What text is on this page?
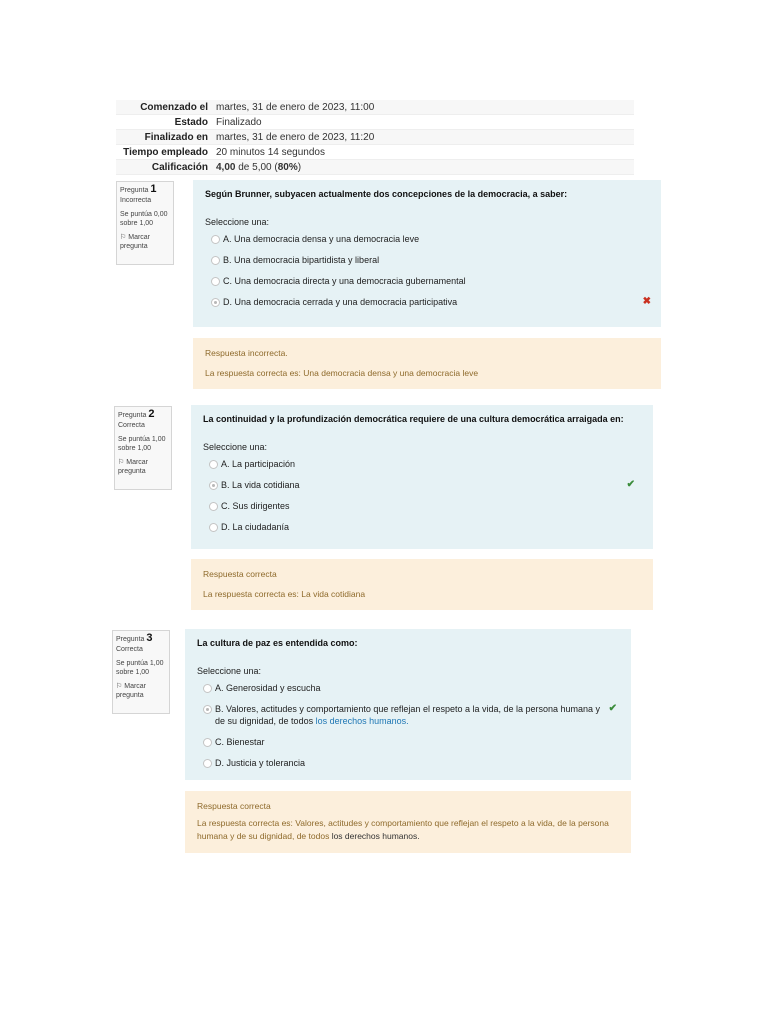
Comenzado el	martes, 31 de enero de 2023, 11:00
Estado	Finalizado
Finalizado en	martes, 31 de enero de 2023, 11:20
Tiempo empleado	20 minutos 14 segundos
Calificación	4,00 de 5,00 (80%)
Pregunta 1
Incorrecta
Se puntúa 0,00 sobre 1,00
⚐ Marcar pregunta
Según Brunner, subyacen actualmente dos concepciones de la democracia, a saber:
Seleccione una:
A. Una democracia densa y una democracia leve
B. Una democracia bipartidista y liberal
C. Una democracia directa y una democracia gubernamental
D. Una democracia cerrada y una democracia participativa	✖
Respuesta incorrecta.
La respuesta correcta es: Una democracia densa y una democracia leve
Pregunta 2
Correcta
Se puntúa 1,00 sobre 1,00
⚐ Marcar pregunta
La continuidad y la profundización democrática requiere de una cultura democrática arraigada en:
Seleccione una:
A. La participación
B. La vida cotidiana	✔
C. Sus dirigentes
D. La ciudadanía
Respuesta correcta
La respuesta correcta es: La vida cotidiana
Pregunta 3
Correcta
Se puntúa 1,00 sobre 1,00
⚐ Marcar pregunta
La cultura de paz es entendida como:
Seleccione una:
A. Generosidad y escucha
B. Valores, actitudes y comportamiento que reflejan el respeto a la vida, de la persona humana y de su dignidad, de todos los derechos humanos.
✔
C. Bienestar
D. Justicia y tolerancia
Respuesta correcta
La respuesta correcta es: Valores, actitudes y comportamiento que reflejan el respeto a la vida, de la persona humana y de su dignidad, de todos los derechos humanos.
